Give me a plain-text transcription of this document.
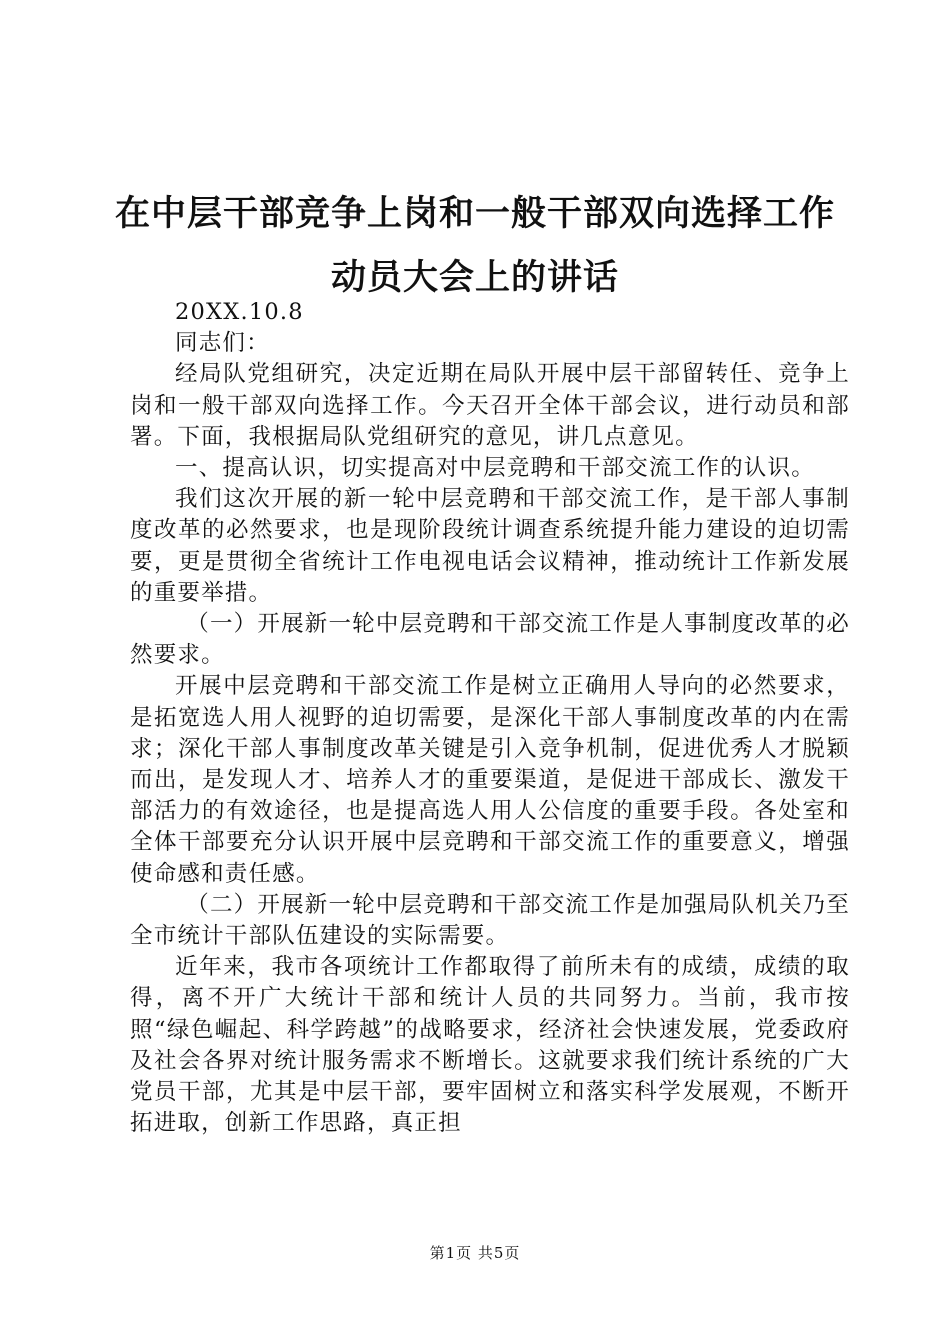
在中层干部竞争上岗和一般干部双向选择工作
动员大会上的讲话

20XX.10.8

同志们：

经局队党组研究，决定近期在局队开展中层干部留转任、竞争上岗和一般干部双向选择工作。今天召开全体干部会议，进行动员和部署。下面，我根据局队党组研究的意见，讲几点意见。

一、提高认识，切实提高对中层竞聘和干部交流工作的认识。

我们这次开展的新一轮中层竞聘和干部交流工作，是干部人事制度改革的必然要求，也是现阶段统计调查系统提升能力建设的迫切需要，更是贯彻全省统计工作电视电话会议精神，推动统计工作新发展的重要举措。

（一）开展新一轮中层竞聘和干部交流工作是人事制度改革的必然要求。

开展中层竞聘和干部交流工作是树立正确用人导向的必然要求，是拓宽选人用人视野的迫切需要，是深化干部人事制度改革的内在需求；深化干部人事制度改革关键是引入竞争机制，促进优秀人才脱颖而出，是发现人才、培养人才的重要渠道，是促进干部成长、激发干部活力的有效途径，也是提高选人用人公信度的重要手段。各处室和全体干部要充分认识开展中层竞聘和干部交流工作的重要意义，增强使命感和责任感。

（二）开展新一轮中层竞聘和干部交流工作是加强局队机关乃至全市统计干部队伍建设的实际需要。

近年来，我市各项统计工作都取得了前所未有的成绩，成绩的取得，离不开广大统计干部和统计人员的共同努力。当前，我市按照“绿色崛起、科学跨越”的战略要求，经济社会快速发展，党委政府及社会各界对统计服务需求不断增长。这就要求我们统计系统的广大党员干部，尤其是中层干部，要牢固树立和落实科学发展观，不断开拓进取，创新工作思路，真正担

第1页 共5页
